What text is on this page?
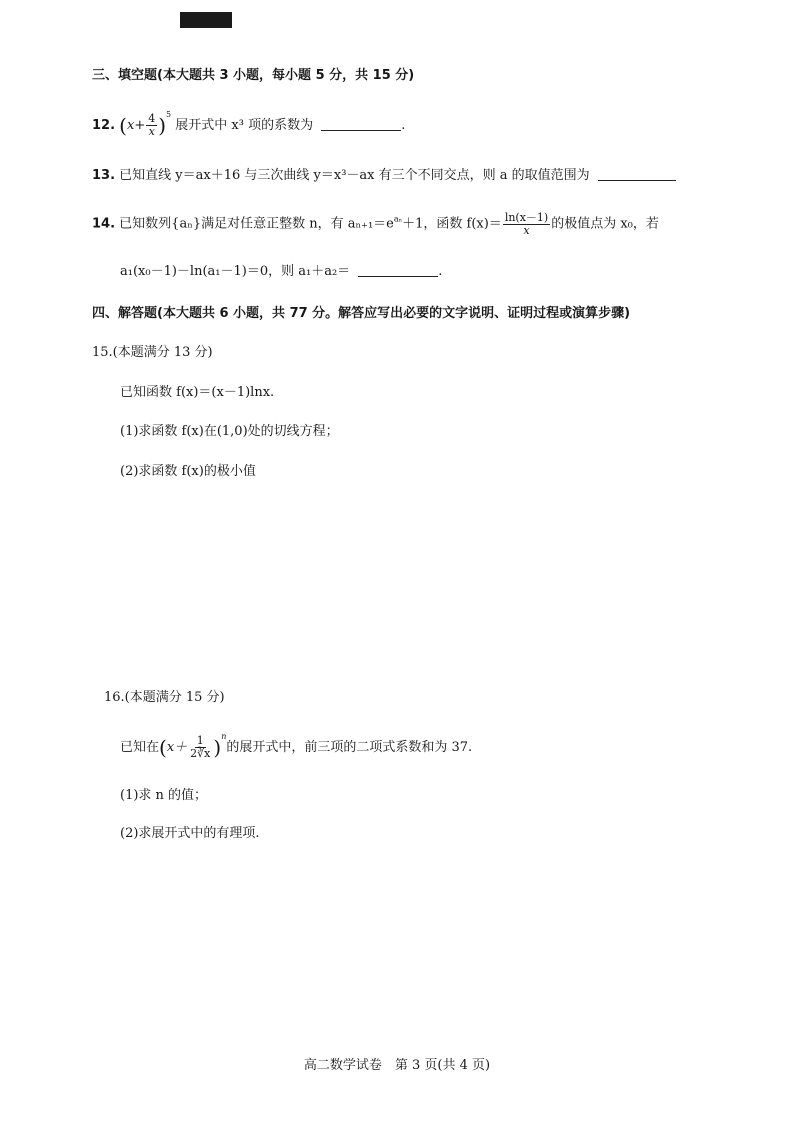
三、填空题(本大题共 3 小题，每小题 5 分，共 15 分)
12. $(x+ \frac{4}{x} )^5$ 展开式中 x³ 项的系数为	.
13. 已知直线 y＝ax＋16 与三次曲线 y＝x³－ax 有三个不同交点，则 a 的取值范围为
14. 已知数列{aₙ}满足对任意正整数 n，有 $a_{n+1}=e^{a_n}+1$，函数 $f(x)= \frac{\ln(x-1)}{x}$ 的极值点为 x₀，若
a₁(x₀－1)－ln(a₁－1)＝0，则 a₁＋a₂＝	.
四、解答题(本大题共 6 小题，共 77 分。解答应写出必要的文字说明、证明过程或演算步骤)
15.(本题满分 13 分)
已知函数 f(x)＝(x－1)lnx.
(1)求函数 f(x)在(1,0)处的切线方程；
(2)求函数 f(x)的极小值
16.(本题满分 15 分)
已知在$(x+ \frac{1}{2∛x} )^n$的展开式中，前三项的二项式系数和为 37.
(1)求 n 的值；
(2)求展开式中的有理项.
高二数学试卷　第 3 页(共 4 页)
